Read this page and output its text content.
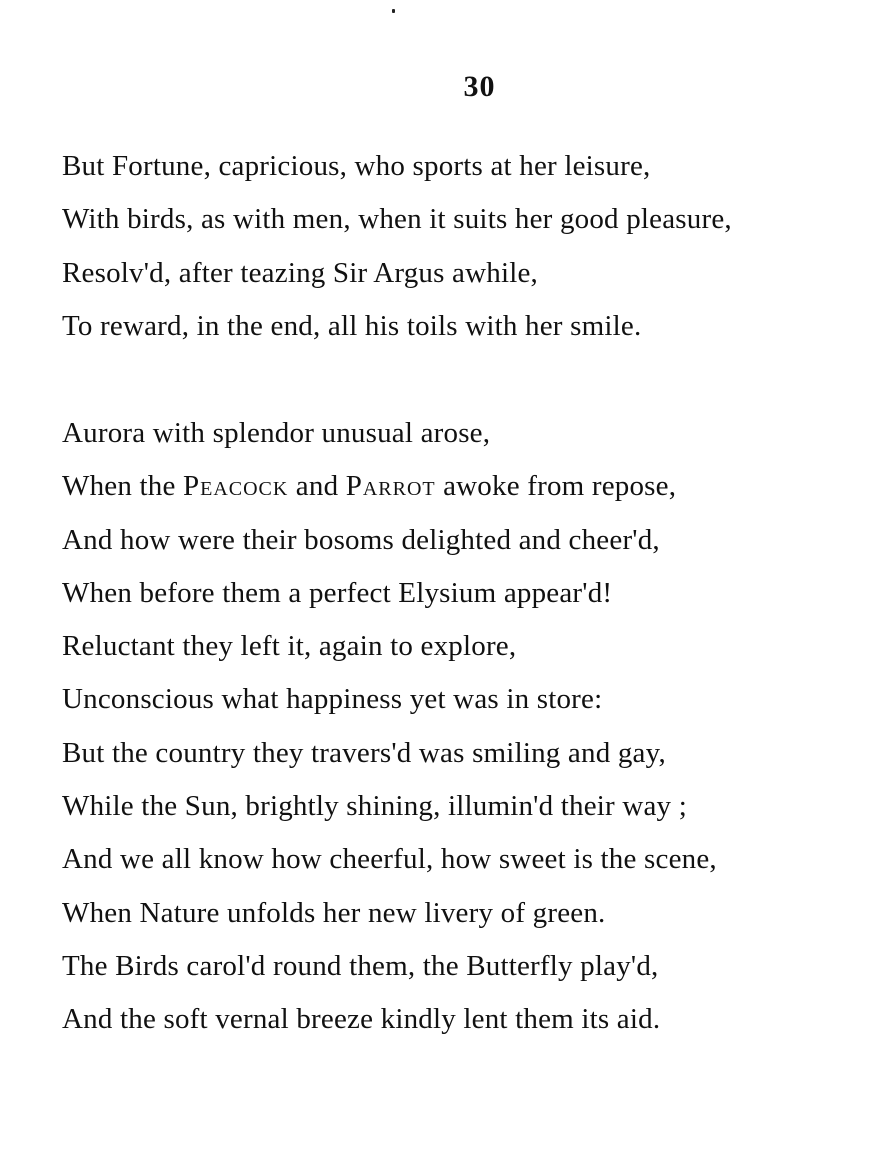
30
But Fortune, capricious, who sports at her leisure,
With birds, as with men, when it suits her good pleasure,
Resolv'd, after teazing Sir Argus awhile,
To reward, in the end, all his toils with her smile.
Aurora with splendor unusual arose,
When the Peacock and Parrot awoke from repose,
And how were their bosoms delighted and cheer'd,
When before them a perfect Elysium appear'd!
Reluctant they left it, again to explore,
Unconscious what happiness yet was in store:
But the country they travers'd was smiling and gay,
While the Sun, brightly shining, illumin'd their way ;
And we all know how cheerful, how sweet is the scene,
When Nature unfolds her new livery of green.
The Birds carol'd round them, the Butterfly play'd,
And the soft vernal breeze kindly lent them its aid.
